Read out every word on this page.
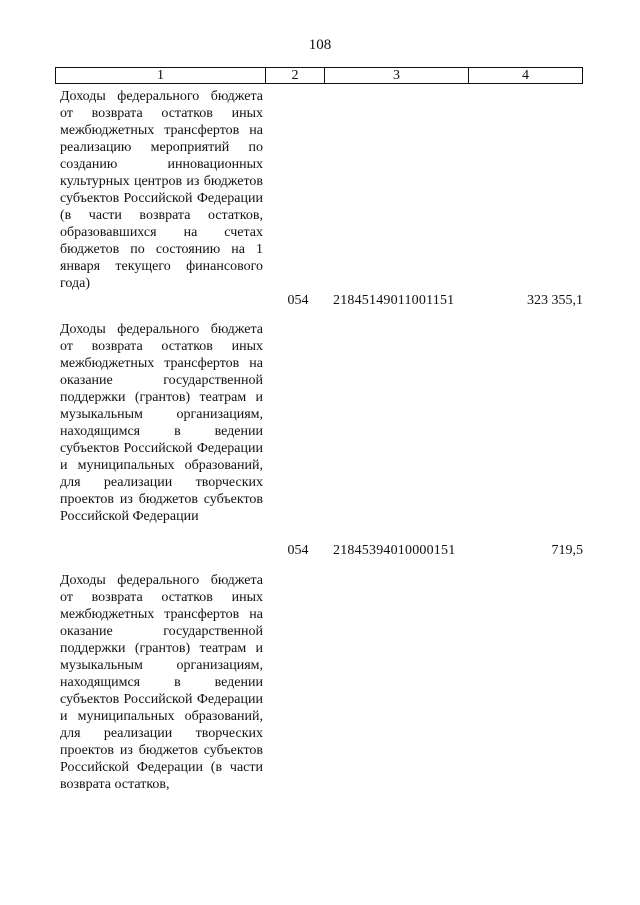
108
1	2	3	4
Доходы федерального бюджета от возврата остатков иных межбюджетных трансфертов на реализацию мероприятий по созданию инновационных культурных центров из бюджетов субъектов Российской Федерации (в части возврата остатков, образовавшихся на счетах бюджетов по состоянию на 1 января текущего финансового года)
054	21845149011001151	323 355,1
Доходы федерального бюджета от возврата остатков иных межбюджетных трансфертов на оказание государственной поддержки (грантов) театрам и музыкальным организациям, находящимся в ведении субъектов Российской Федерации и муниципальных образований, для реализации творческих проектов из бюджетов субъектов Российской Федерации
054	21845394010000151	719,5
Доходы федерального бюджета от возврата остатков иных межбюджетных трансфертов на оказание государственной поддержки (грантов) театрам и музыкальным организациям, находящимся в ведении субъектов Российской Федерации и муниципальных образований, для реализации творческих проектов из бюджетов субъектов Российской Федерации (в части возврата остатков,
